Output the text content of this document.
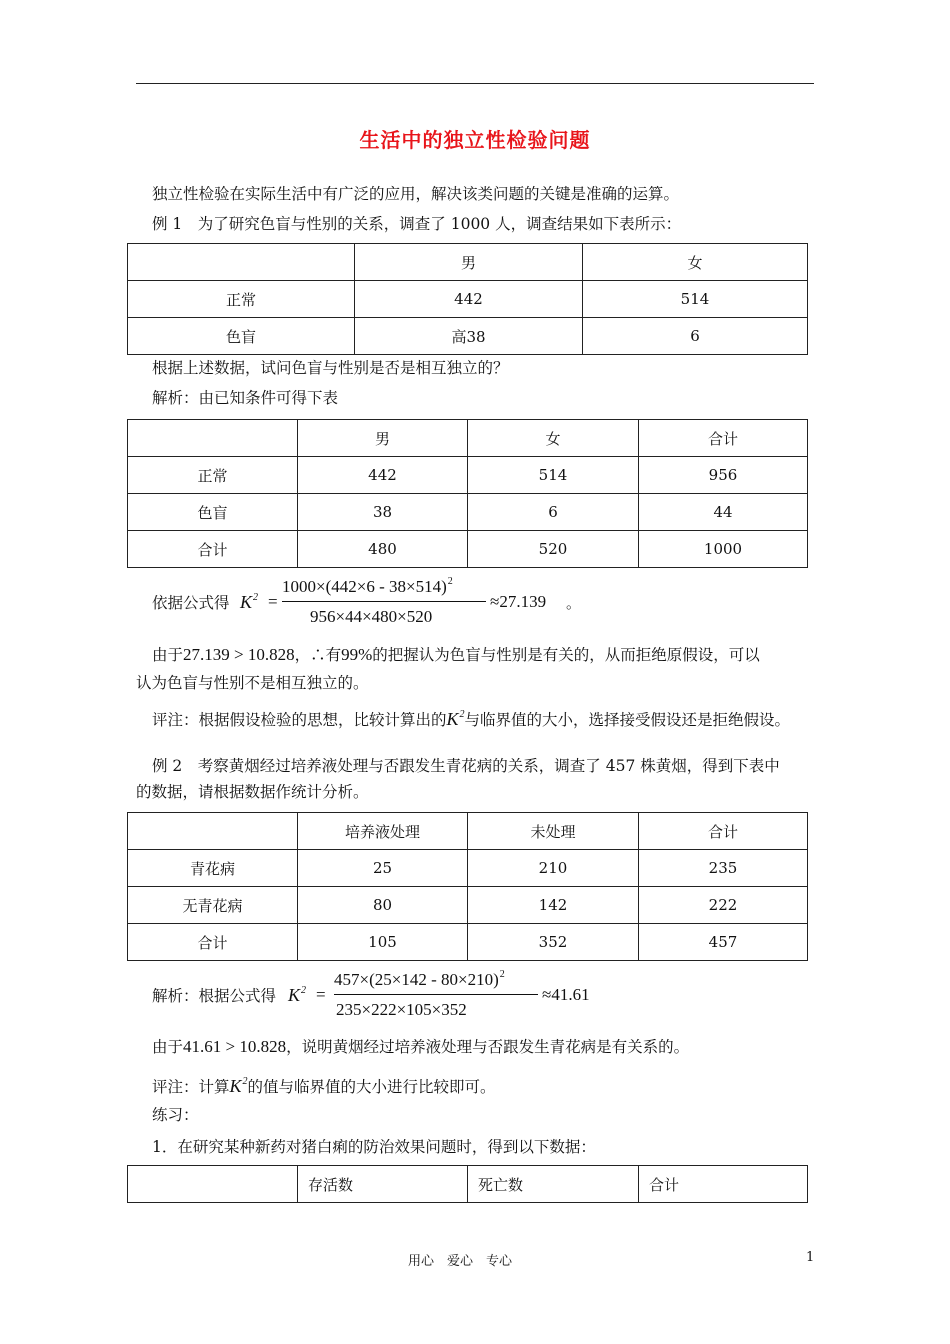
生活中的独立性检验问题
独立性检验在实际生活中有广泛的应用，解决该类问题的关键是准确的运算。
例 1　为了研究色盲与性别的关系，调查了 1000 人，调查结果如下表所示：
	男	女
正常	442	514
色盲	高38	6
根据上述数据，试问色盲与性别是否是相互独立的？
解析：由已知条件可得下表
	男	女	合计
正常	442	514	956
色盲	38	6	44
合计	480	520	1000
依据公式得 $K^2$ =
$1000\times(442\times 6 - 38\times 514)^2$
956×44×480×520
≈27.139 。
由于27.139 > 10.828，∴有99%的把握认为色盲与性别是有关的，从而拒绝原假设，可以
认为色盲与性别不是相互独立的。
评注：根据假设检验的思想，比较计算出的$K^2$与临界值的大小，选择接受假设还是拒绝假设。
例 2　考察黄烟经过培养液处理与否跟发生青花病的关系，调查了 457 株黄烟，得到下表中
的数据，请根据数据作统计分析。
	培养液处理	未处理	合计
青花病	25	210	235
无青花病	80	142	222
合计	105	352	457
解析：根据公式得 $K^2$ =
$457\times(25\times 142 - 80\times 210)^2$
235×222×105×352
≈41.61
由于41.61 > 10.828，说明黄烟经过培养液处理与否跟发生青花病是有关系的。
评注：计算$K^2$的值与临界值的大小进行比较即可。
练习：
1．在研究某种新药对猪白痢的防治效果问题时，得到以下数据：
	存活数	死亡数	合计
用心　爱心　专心	1
